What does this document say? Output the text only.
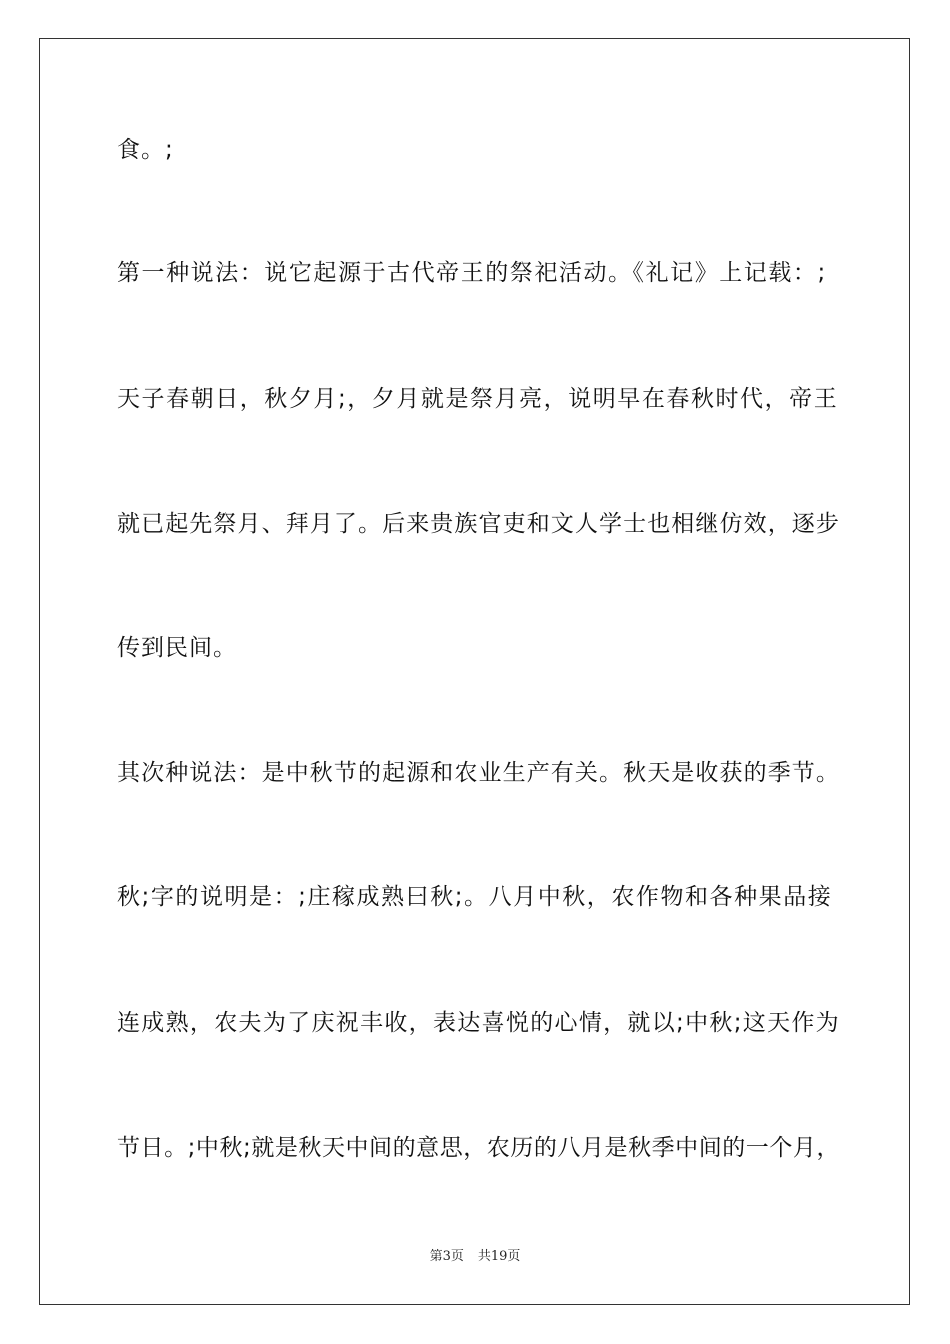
食。;
第一种说法：说它起源于古代帝王的祭祀活动。《礼记》上记载：;
天子春朝日，秋夕月;，夕月就是祭月亮，说明早在春秋时代，帝王
就已起先祭月、拜月了。后来贵族官吏和文人学士也相继仿效，逐步
传到民间。
其次种说法：是中秋节的起源和农业生产有关。秋天是收获的季节。
秋;字的说明是：;庄稼成熟曰秋;。八月中秋，农作物和各种果品接
连成熟，农夫为了庆祝丰收，表达喜悦的心情，就以;中秋;这天作为
节日。;中秋;就是秋天中间的意思，农历的八月是秋季中间的一个月，
第3页 共19页
